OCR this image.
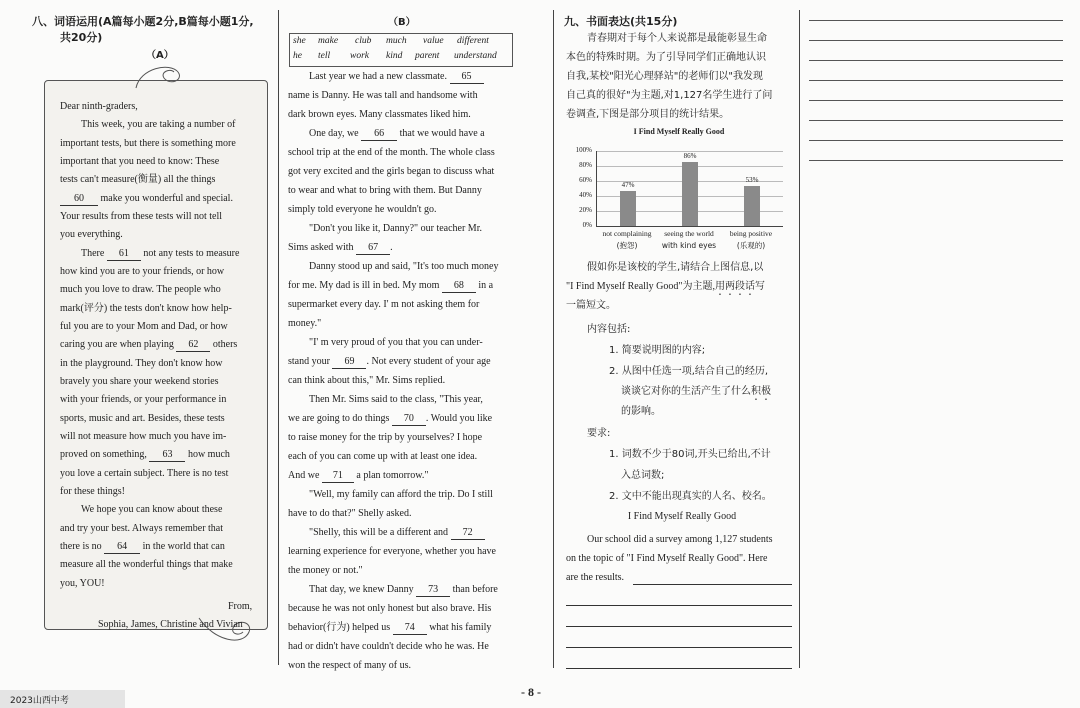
八、词语运用(A篇每小题2分,B篇每小题1分,
共20分)
（A）
Dear ninth-graders,
This week, you are taking a number of
important tests, but there is something more
important that you need to know: These
tests can't measure(衡量) all the things
60 make you wonderful and special.
Your results from these tests will not tell
you everything.
There 61 not any tests to measure
how kind you are to your friends, or how
much you love to draw. The people who
mark(评分) the tests don't know how help-
ful you are to your Mom and Dad, or how
caring you are when playing 62 others
in the playground. They don't know how
bravely you share your weekend stories
with your friends, or your performance in
sports, music and art. Besides, these tests
will not measure how much you have im-
proved on something, 63 how much
you love a certain subject. There is no test
for these things!
We hope you can know about these
and try your best. Always remember that
there is no 64 in the world that can
measure all the wonderful things that make
you, YOU!
From,
Sophia, James, Christine and Vivian
（B）
she make club much value different
he tell work kind parent understand
Last year we had a new classmate. 65
name is Danny. He was tall and handsome with
dark brown eyes. Many classmates liked him.
One day, we 66 that we would have a
school trip at the end of the month. The whole class
got very excited and the girls began to discuss what
to wear and what to bring with them. But Danny
simply told everyone he wouldn't go.
"Don't you like it, Danny?" our teacher Mr.
Sims asked with 67 .
Danny stood up and said, "It's too much money
for me. My dad is ill in bed. My mom 68 in a
supermarket every day. I' m not asking them for
money."
"I' m very proud of you that you can under-
stand your 69 . Not every student of your age
can think about this," Mr. Sims replied.
Then Mr. Sims said to the class, "This year,
we are going to do things 70 . Would you like
to raise money for the trip by yourselves? I hope
each of you can come up with at least one idea.
And we 71 a plan tomorrow."
"Well, my family can afford the trip. Do I still
have to do that?" Shelly asked.
"Shelly, this will be a different and 72
learning experience for everyone, whether you have
the money or not."
That day, we knew Danny 73 than before
because he was not only honest but also brave. His
behavior(行为) helped us 74 what his family
had or didn't have couldn't decide who he was. He
won the respect of many of us.
九、书面表达(共15分)
青春期对于每个人来说都是最能彰显生命
本色的特殊时期。为了引导同学们正确地认识
自我,某校"阳光心理驿站"的老师们以"我发现
自己真的很好"为主题,对1,127名学生进行了问
卷调查,下图是部分项目的统计结果。
I Find Myself Really Good
47%
86%
53%
0%
20%
40%
60%
80%
100%
not complaining
(抱怨)
seeing the world
with kind eyes
being positive
(乐观的)
假如你是该校的学生,请结合上图信息,以
"I Find Myself Really Good"为主题,用两段话写
一篇短文。
内容包括:
1. 简要说明图的内容;
2. 从图中任选一项,结合自己的经历,
谈谈它对你的生活产生了什么积极
的影响。
要求:
1. 词数不少于80词,开头已给出,不计
入总词数;
2. 文中不能出现真实的人名、校名。
I Find Myself Really Good
Our school did a survey among 1,127 students
on the topic of "I Find Myself Really Good". Here
are the results.
2023山西中考
- 8 -
